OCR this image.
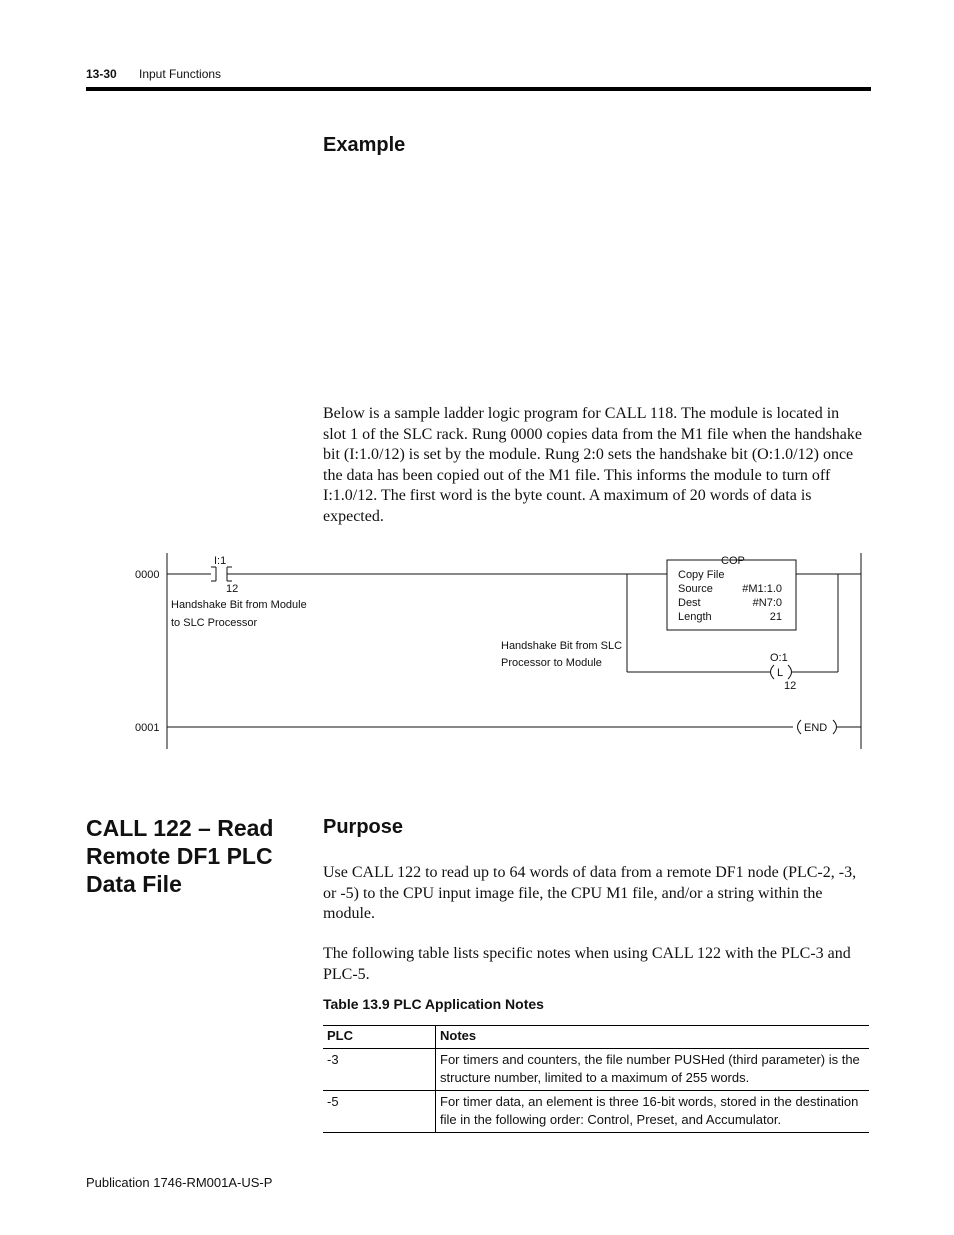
13-30 Input Functions
Example
Below is a sample ladder logic program for CALL 118. The module is located in slot 1 of the SLC rack. Rung 0000 copies data from the M1 file when the handshake bit (I:1.0/12) is set by the module. Rung 2:0 sets the handshake bit (O:1.0/12) once the data has been copied out of the M1 file. This informs the module to turn off I:1.0/12. The first word is the byte count. A maximum of 20 words of data is expected.
0000
0001
I:1
12
Handshake Bit from Module
to SLC Processor
COP
Copy File
Source	#M1:1.0
Dest	#N7:0
Length	21
Handshake Bit from SLC
Processor to Module	O:1
L
12
END
CALL 122 – Read Remote DF1 PLC Data File
Purpose
Use CALL 122 to read up to 64 words of data from a remote DF1 node (PLC-2, -3, or -5) to the CPU input image file, the CPU M1 file, and/or a string within the module.
The following table lists specific notes when using CALL 122 with the PLC-3 and PLC-5.
Table 13.9 PLC Application Notes
PLC	Notes
-3	For timers and counters, the file number PUSHed (third parameter) is the structure number, limited to a maximum of 255 words.
-5	For timer data, an element is three 16-bit words, stored in the destination file in the following order: Control, Preset, and Accumulator.
Publication 1746-RM001A-US-P
